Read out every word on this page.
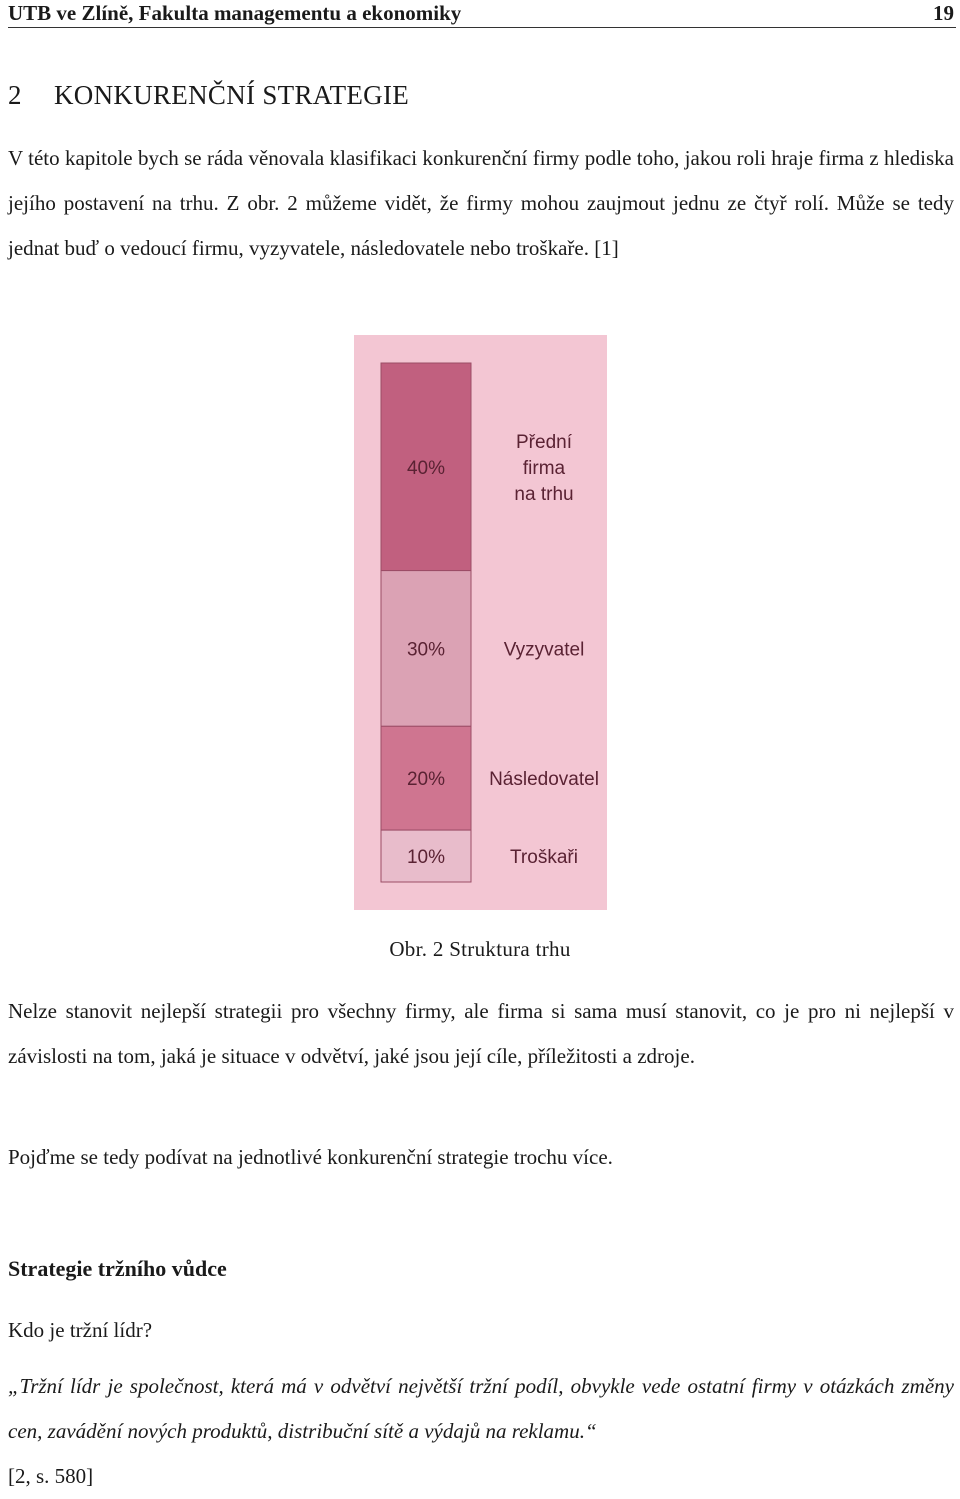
UTB ve Zlíně, Fakulta managementu a ekonomiky	19
2 KONKURENČNÍ STRATEGIE

V této kapitole bych se ráda věnovala klasifikaci konkurenční firmy podle toho, jakou roli hraje firma z hlediska jejího postavení na trhu. Z obr. 2 můžeme vidět, že firmy mohou zaujmout jednu ze čtyř rolí. Může se tedy jednat buď o vedoucí firmu, vyzyvatele, následovatele nebo troškaře. [1]

40%
Přední
firma
na trhu
30%	Vyzyvatel
20% Následovatel
10%	Troškaři
Obr. 2 Struktura trhu

Nelze stanovit nejlepší strategii pro všechny firmy, ale firma si sama musí stanovit, co je pro ni nejlepší v závislosti na tom, jaká je situace v odvětví, jaké jsou její cíle, příležitosti a zdroje.

Pojďme se tedy podívat na jednotlivé konkurenční strategie trochu více.

Strategie tržního vůdce

Kdo je tržní lídr?

„Tržní lídr je společnost, která má v odvětví největší tržní podíl, obvykle vede ostatní firmy v otázkách změny cen, zavádění nových produktů, distribuční sítě a výdajů na reklamu.“

[2, s. 580]
